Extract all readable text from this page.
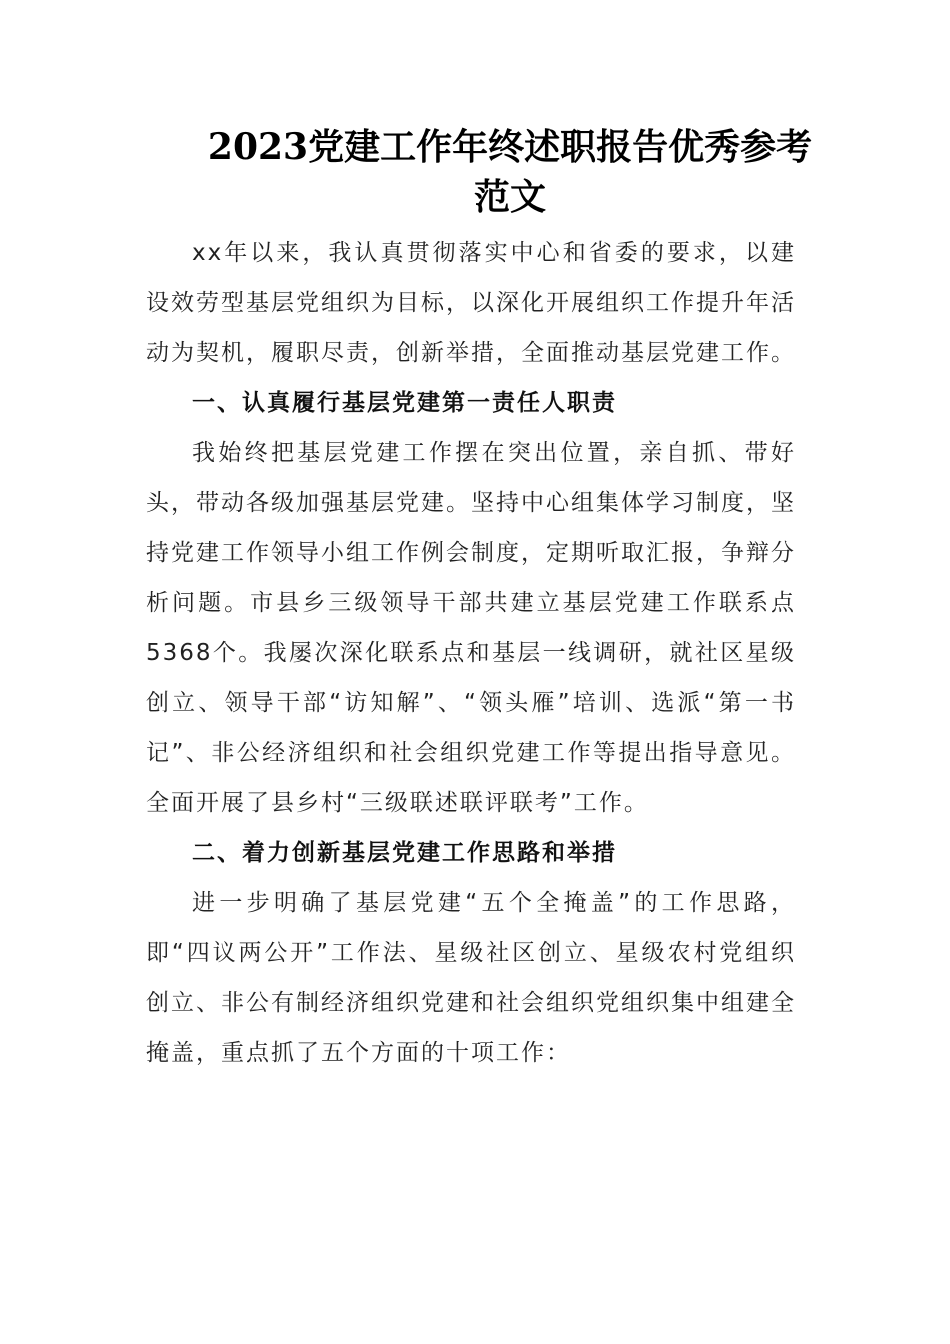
2023党建工作年终述职报告优秀参考范文

xx年以来，我认真贯彻落实中心和省委的要求，以建设效劳型基层党组织为目标，以深化开展组织工作提升年活动为契机，履职尽责，创新举措，全面推动基层党建工作。

一、认真履行基层党建第一责任人职责

我始终把基层党建工作摆在突出位置，亲自抓、带好头，带动各级加强基层党建。坚持中心组集体学习制度，坚持党建工作领导小组工作例会制度，定期听取汇报，争辩分析问题。市县乡三级领导干部共建立基层党建工作联系点5368个。我屡次深化联系点和基层一线调研，就社区星级创立、领导干部“访知解”、“领头雁”培训、选派“第一书记”、非公经济组织和社会组织党建工作等提出指导意见。全面开展了县乡村“三级联述联评联考”工作。

二、着力创新基层党建工作思路和举措

进一步明确了基层党建“五个全掩盖”的工作思路，即“四议两公开”工作法、星级社区创立、星级农村党组织创立、非公有制经济组织党建和社会组织党组织集中组建全掩盖，重点抓了五个方面的十项工作：
